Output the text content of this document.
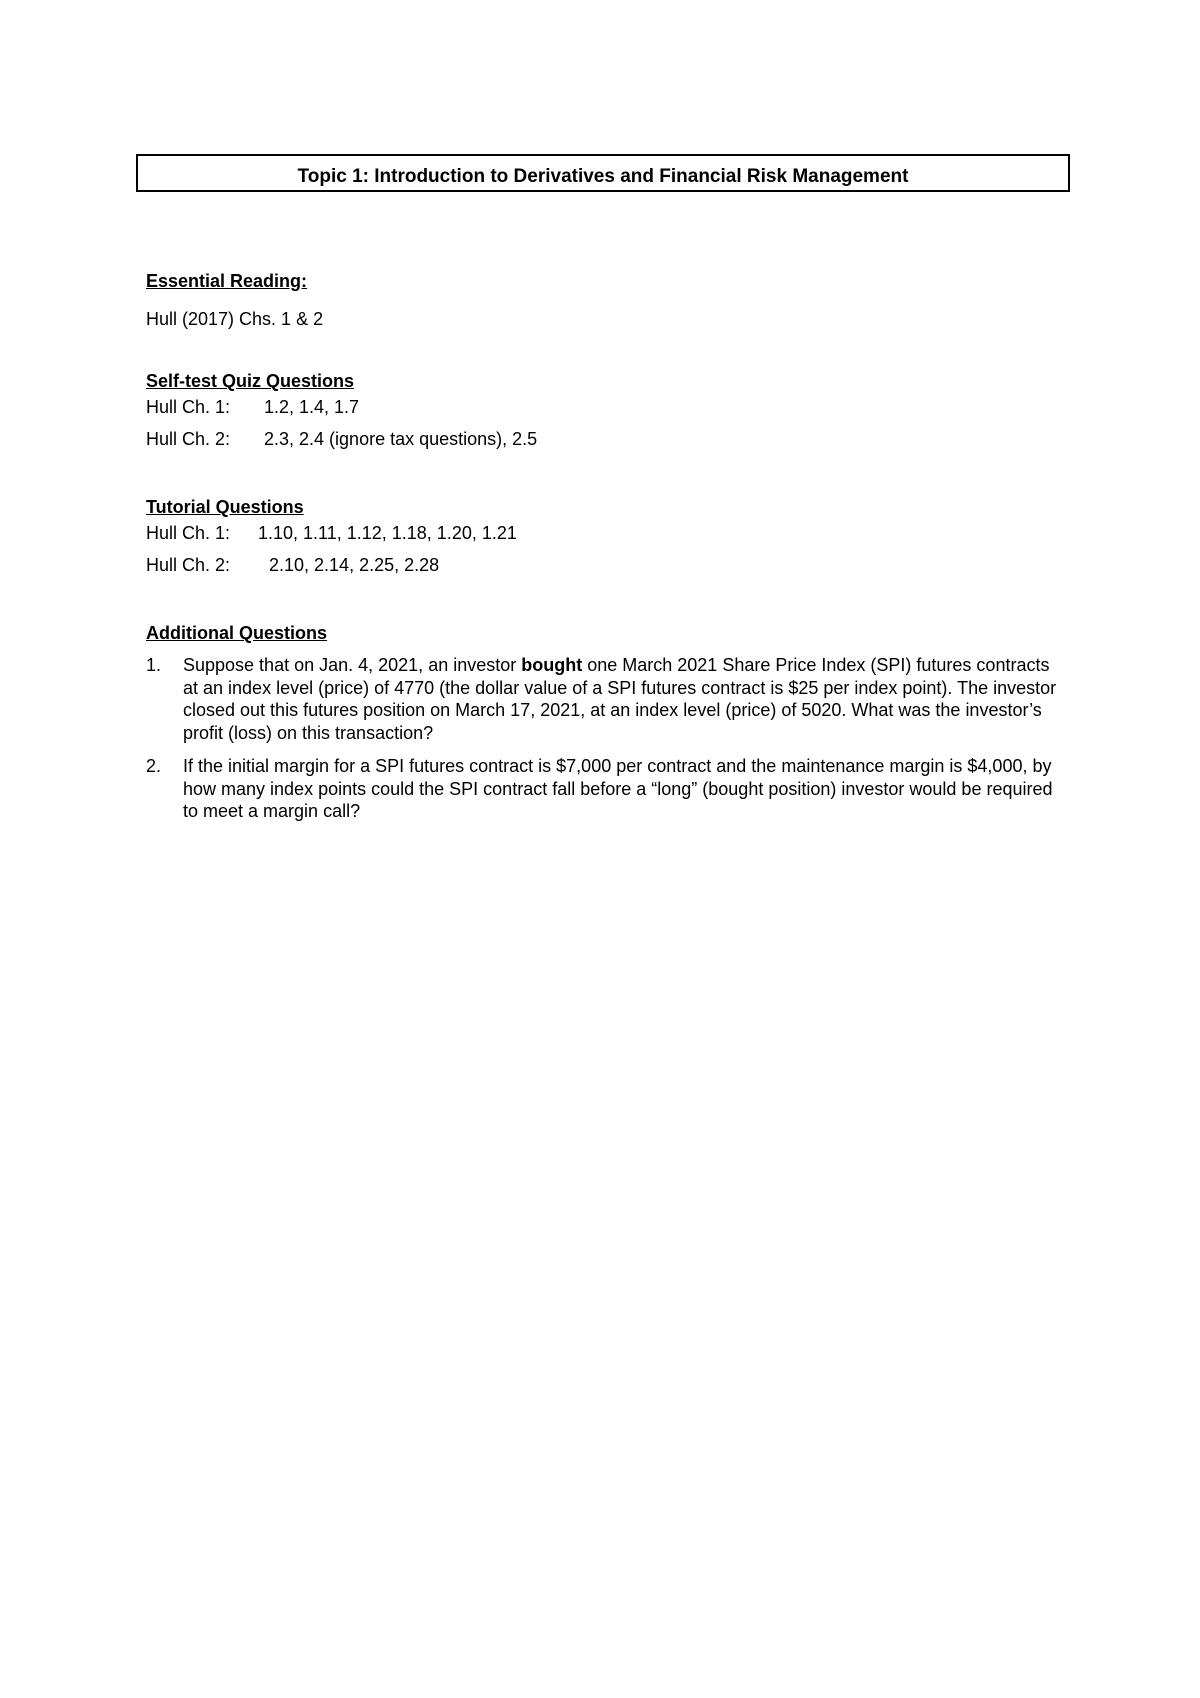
Topic 1: Introduction to Derivatives and Financial Risk Management

Essential Reading:

Hull (2017) Chs. 1 & 2

Self-test Quiz Questions

Hull Ch. 1:	1.2, 1.4, 1.7
Hull Ch. 2:	2.3, 2.4 (ignore tax questions), 2.5

Tutorial Questions

Hull Ch. 1:	1.10, 1.11, 1.12, 1.18, 1.20, 1.21
Hull Ch. 2:	2.10, 2.14, 2.25, 2.28

Additional Questions

1.	Suppose that on Jan. 4, 2021, an investor bought one March 2021 Share Price Index (SPI) futures contracts at an index level (price) of 4770 (the dollar value of a SPI futures contract is $25 per index point). The investor closed out this futures position on March 17, 2021, at an index level (price) of 5020. What was the investor’s profit (loss) on this transaction?
2.	If the initial margin for a SPI futures contract is $7,000 per contract and the maintenance margin is $4,000, by how many index points could the SPI contract fall before a “long” (bought position) investor would be required to meet a margin call?
